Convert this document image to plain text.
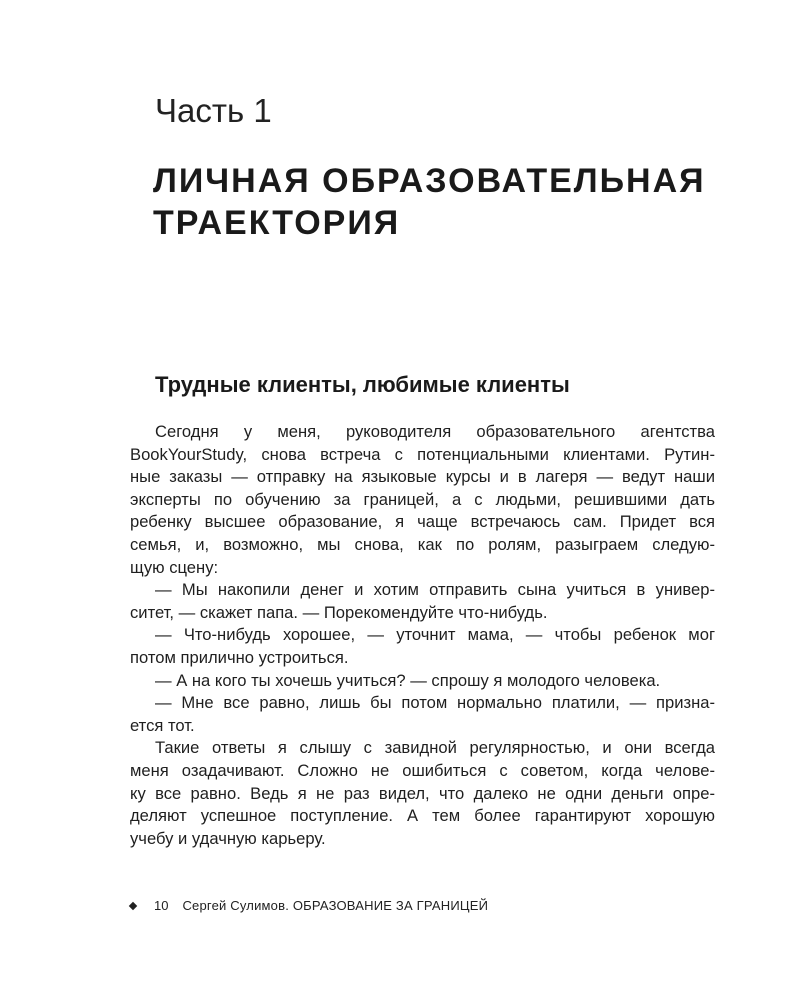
Часть 1
ЛИЧНАЯ ОБРАЗОВАТЕЛЬНАЯ
ТРАЕКТОРИЯ
Трудные клиенты, любимые клиенты
Сегодня у меня, руководителя образовательного агентства
BookYourStudy, снова встреча с потенциальными клиентами. Рутин-
ные заказы — отправку на языковые курсы и в лагеря — ведут наши
эксперты по обучению за границей, а с людьми, решившими дать
ребенку высшее образование, я чаще встречаюсь сам. Придет вся
семья, и, возможно, мы снова, как по ролям, разыграем следую-
щую сцену:
— Мы накопили денег и хотим отправить сына учиться в универ-
ситет, — скажет папа. — Порекомендуйте что-нибудь.
— Что-нибудь хорошее, — уточнит мама, — чтобы ребенок мог
потом прилично устроиться.
— А на кого ты хочешь учиться? — спрошу я молодого человека.
— Мне все равно, лишь бы потом нормально платили, — призна-
ется тот.
Такие ответы я слышу с завидной регулярностью, и они всегда
меня озадачивают. Сложно не ошибиться с советом, когда челове-
ку все равно. Ведь я не раз видел, что далеко не одни деньги опре-
деляют успешное поступление. А тем более гарантируют хорошую
учебу и удачную карьеру.
10 Сергей Сулимов. ОБРАЗОВАНИЕ ЗА ГРАНИЦЕЙ
